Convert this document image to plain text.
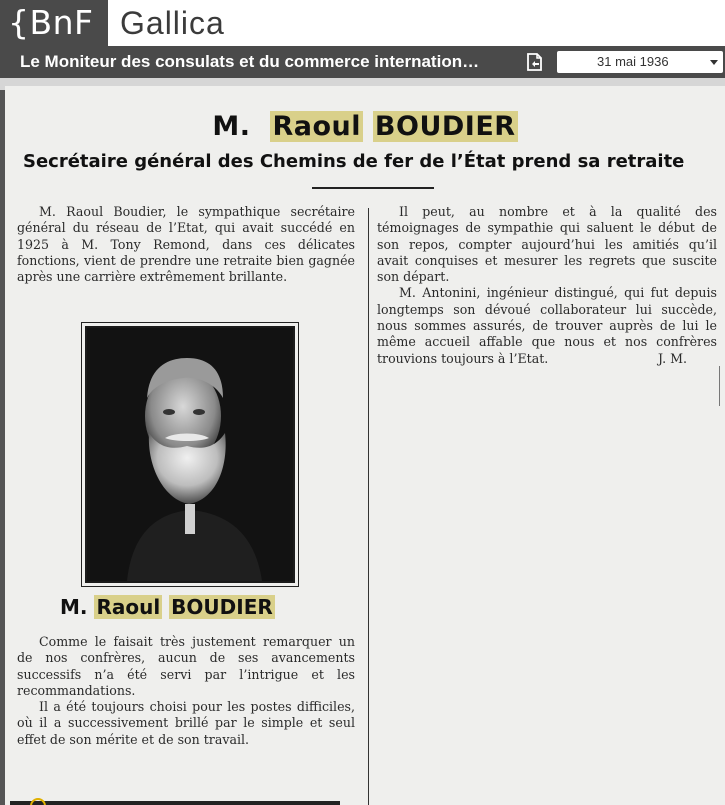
{BnF Gallica
Le Moniteur des consulats et du commerce internation…	31 mai 1936
M. Raoul BOUDIER
Secrétaire général des Chemins de fer de l’État prend sa retraite

M. Raoul Boudier, le sympathique secrétaire général du réseau de l’Etat, qui avait succédé en 1925 à M. Tony Remond, dans ces délicates fonctions, vient de prendre une retraite bien gagnée après une carrière extrêmement brillante.

M. Raoul BOUDIER

Comme le faisait très justement remarquer un de nos confrères, aucun de ses avancements successifs n’a été servi par l’intrigue et les recommandations.

Il a été toujours choisi pour les postes difficiles, où il a successivement brillé par le simple et seul effet de son mérite et de son travail.

Il peut, au nombre et à la qualité des témoignages de sympathie qui saluent le début de son repos, compter aujourd’hui les amitiés qu’il avait conquises et mesurer les regrets que suscite son départ.

M. Antonini, ingénieur distingué, qui fut depuis longtemps son dévoué collaborateur lui succède, nous sommes assurés, de trouver auprès de lui le même accueil affable que nous et nos confrères trouvions toujours à l’Etat.	J. M.
